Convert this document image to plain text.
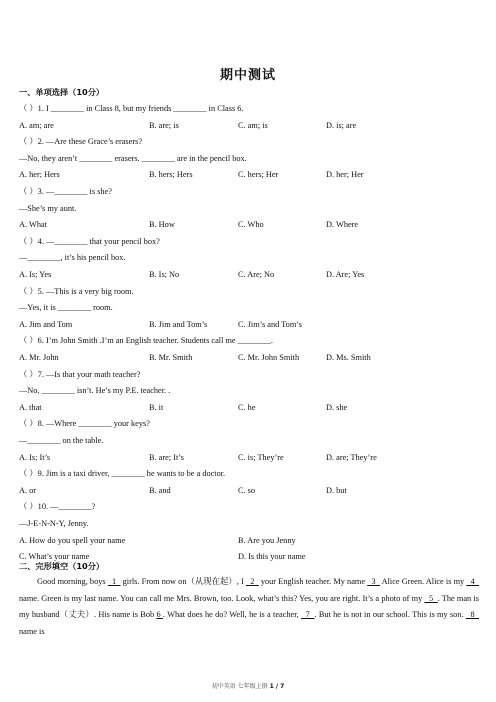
期中测试
一、单项选择（10分）
（ ）1. I ________ in Class 8, but my friends ________ in Class 6.
A. am; are	B. are; is	C. am; is	D. is; are
（ ）2. —Are these Grace’s erasers?
—No, they aren’t ________ erasers. ________ are in the pencil box.
A. her; Hers	B. hers; Hers	C. hers; Her	D. her; Her
（ ）3. —________ is she?
—She’s my aunt.
A. What	B. How	C. Who	D. Where
（ ）4. —________ that your pencil box?
—________, it’s his pencil box.
A. Is; Yes	B. Is; No	C. Are; No	D. Are; Yes
（ ）5. —This is a very big room.
—Yes, it is ________ room.
A. Jim and Tom	B. Jim and Tom’s	C. Jim’s and Tom’s
（ ）6. I’m John Smith .I’m an English teacher. Students call me ________.
A. Mr. John	B. Mr. Smith	C. Mr. John Smith	D. Ms. Smith
（ ）7. —Is that your math teacher?
—No, ________ isn’t. He’s my P.E. teacher. .
A. that	B. it	C. he	D. she
（ ）8. —Where ________ your keys?
—________ on the table.
A. Is; It’s	B. are; It’s	C. is; They’re	D. are; They’re
（ ）9. Jim is a taxi driver, ________ he wants to be a doctor.
A. or	B. and	C. so	D. but
（ ）10. —________?
—J-E-N-N-Y, Jenny.
A. How do you spell your name	B. Are you Jenny
C. What’s your name	D. Is this your name
二、完形填空（10分）
Good morning, boys   1   girls. From now on（从现在起）, I   2   your English teacher. My name   3   Alice Green. Alice is my   4   name. Green is my last name. You can call me Mrs. Brown, too. Look, what’s this? Yes, you are right. It’s a photo of my   5  . The man is my husband（丈夫）. His name is Bob 6 . What does he do? Well, he is a teacher,   7  . But he is not in our school. This is my son.   8   name is
初中英语 七年级上册 1 / 7
